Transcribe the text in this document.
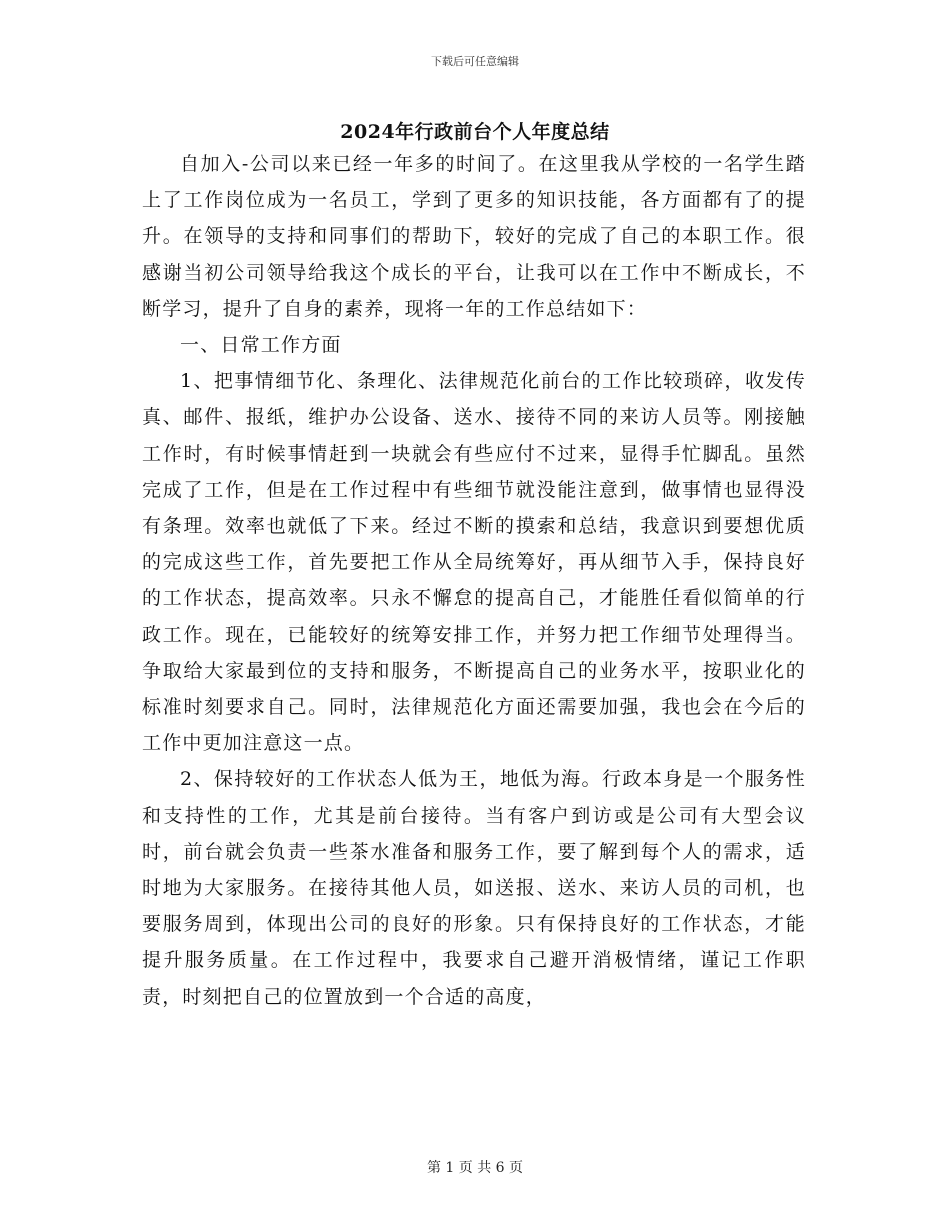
下载后可任意编辑
2024年行政前台个人年度总结

自加入-公司以来已经一年多的时间了。在这里我从学校的一名学生踏上了工作岗位成为一名员工，学到了更多的知识技能，各方面都有了的提升。在领导的支持和同事们的帮助下，较好的完成了自己的本职工作。很感谢当初公司领导给我这个成长的平台，让我可以在工作中不断成长，不断学习，提升了自身的素养，现将一年的工作总结如下：

一、日常工作方面

1、把事情细节化、条理化、法律规范化前台的工作比较琐碎，收发传真、邮件、报纸，维护办公设备、送水、接待不同的来访人员等。刚接触工作时，有时候事情赶到一块就会有些应付不过来，显得手忙脚乱。虽然完成了工作，但是在工作过程中有些细节就没能注意到，做事情也显得没有条理。效率也就低了下来。经过不断的摸索和总结，我意识到要想优质的完成这些工作，首先要把工作从全局统筹好，再从细节入手，保持良好的工作状态，提高效率。只永不懈怠的提高自己，才能胜任看似简单的行政工作。现在，已能较好的统筹安排工作，并努力把工作细节处理得当。争取给大家最到位的支持和服务，不断提高自己的业务水平，按职业化的标准时刻要求自己。同时，法律规范化方面还需要加强，我也会在今后的工作中更加注意这一点。

2、保持较好的工作状态人低为王，地低为海。行政本身是一个服务性和支持性的工作，尤其是前台接待。当有客户到访或是公司有大型会议时，前台就会负责一些茶水准备和服务工作，要了解到每个人的需求，适时地为大家服务。在接待其他人员，如送报、送水、来访人员的司机，也要服务周到，体现出公司的良好的形象。只有保持良好的工作状态，才能提升服务质量。在工作过程中，我要求自己避开消极情绪，谨记工作职责，时刻把自己的位置放到一个合适的高度，

第 1 页 共 6 页
